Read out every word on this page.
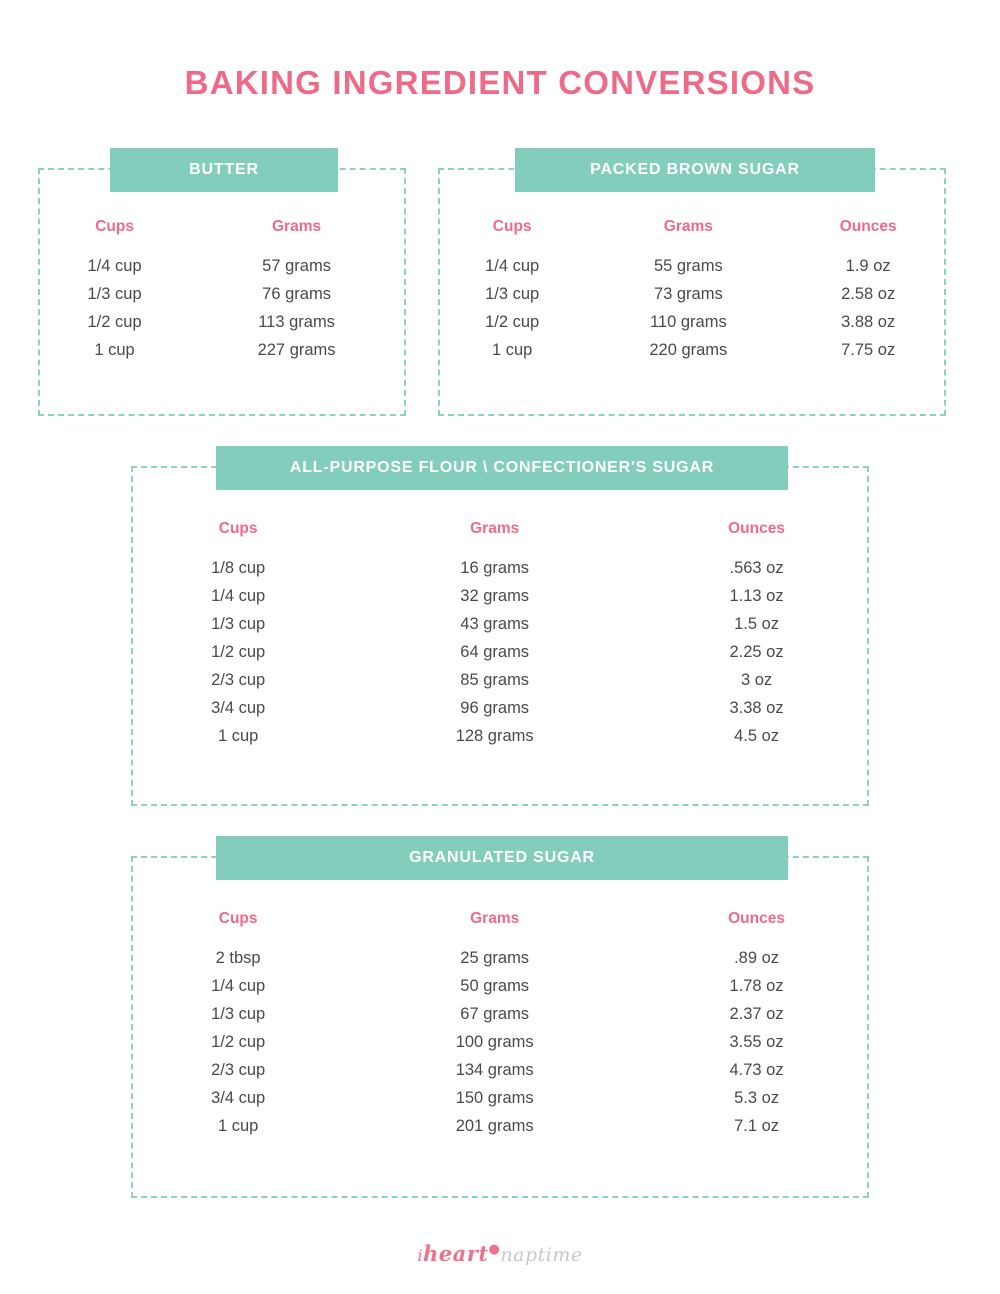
BAKING INGREDIENT CONVERSIONS
BUTTER
Cups	Grams
1/4 cup	57 grams
1/3 cup	76 grams
1/2 cup	113 grams
1 cup	227 grams
PACKED BROWN SUGAR
Cups	Grams	Ounces
1/4 cup	55 grams	1.9 oz
1/3 cup	73 grams	2.58 oz
1/2 cup	110 grams	3.88 oz
1 cup	220 grams	7.75 oz
ALL-PURPOSE FLOUR \ CONFECTIONER'S SUGAR
Cups	Grams	Ounces
1/8 cup	16 grams	.563 oz
1/4 cup	32 grams	1.13 oz
1/3 cup	43 grams	1.5 oz
1/2 cup	64 grams	2.25 oz
2/3 cup	85 grams	3 oz
3/4 cup	96 grams	3.38 oz
1 cup	128 grams	4.5 oz
GRANULATED SUGAR
Cups	Grams	Ounces
2 tbsp	25 grams	.89 oz
1/4 cup	50 grams	1.78 oz
1/3 cup	67 grams	2.37 oz
1/2 cup	100 grams	3.55 oz
2/3 cup	134 grams	4.73 oz
3/4 cup	150 grams	5.3 oz
1 cup	201 grams	7.1 oz
iheart●naptime
